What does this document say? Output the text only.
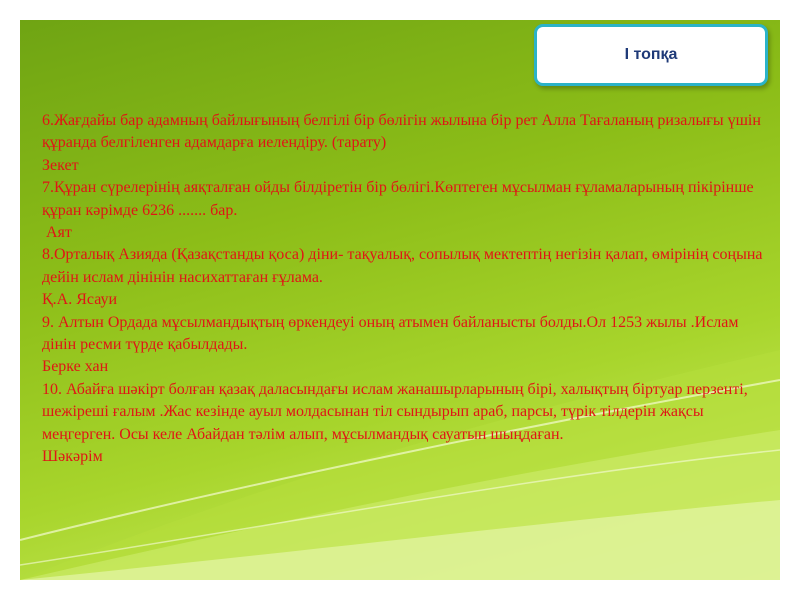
І топқа

6.Жағдайы бар адамның байлығының белгілі бір бөлігін жылына бір рет Алла Тағаланың ризалығы үшін құранда белгіленген адамдарға иелендіру. (тарату)

Зекет

7.Құран сүрелерінің аяқталған ойды білдіретін бір бөлігі.Көптеген мұсылман ғұламаларының пікірінше құран кәрімде 6236 ....... бар.

Аят

8.Орталық Азияда (Қазақстанды қоса) діни- тақуалық, сопылық мектептің негізін қалап, өмірінің соңына дейін ислам дінінін насихаттаған ғұлама.

Қ.А. Ясауи

9. Алтын Ордада мұсылмандықтың өркендеуі оның атымен байланысты болды.Ол 1253 жылы .Ислам дінін ресми түрде қабылдады.

Берке хан

10. Абайға шәкірт болған қазақ даласындағы ислам жанашырларының бірі, халықтың біртуар перзенті, шежіреші ғалым .Жас кезінде ауыл молдасынан тіл сындырып араб, парсы, түрік тілдерін жақсы меңгерген. Осы келе Абайдан тәлім алып, мұсылмандық сауатын шыңдаған.

Шәкәрім
